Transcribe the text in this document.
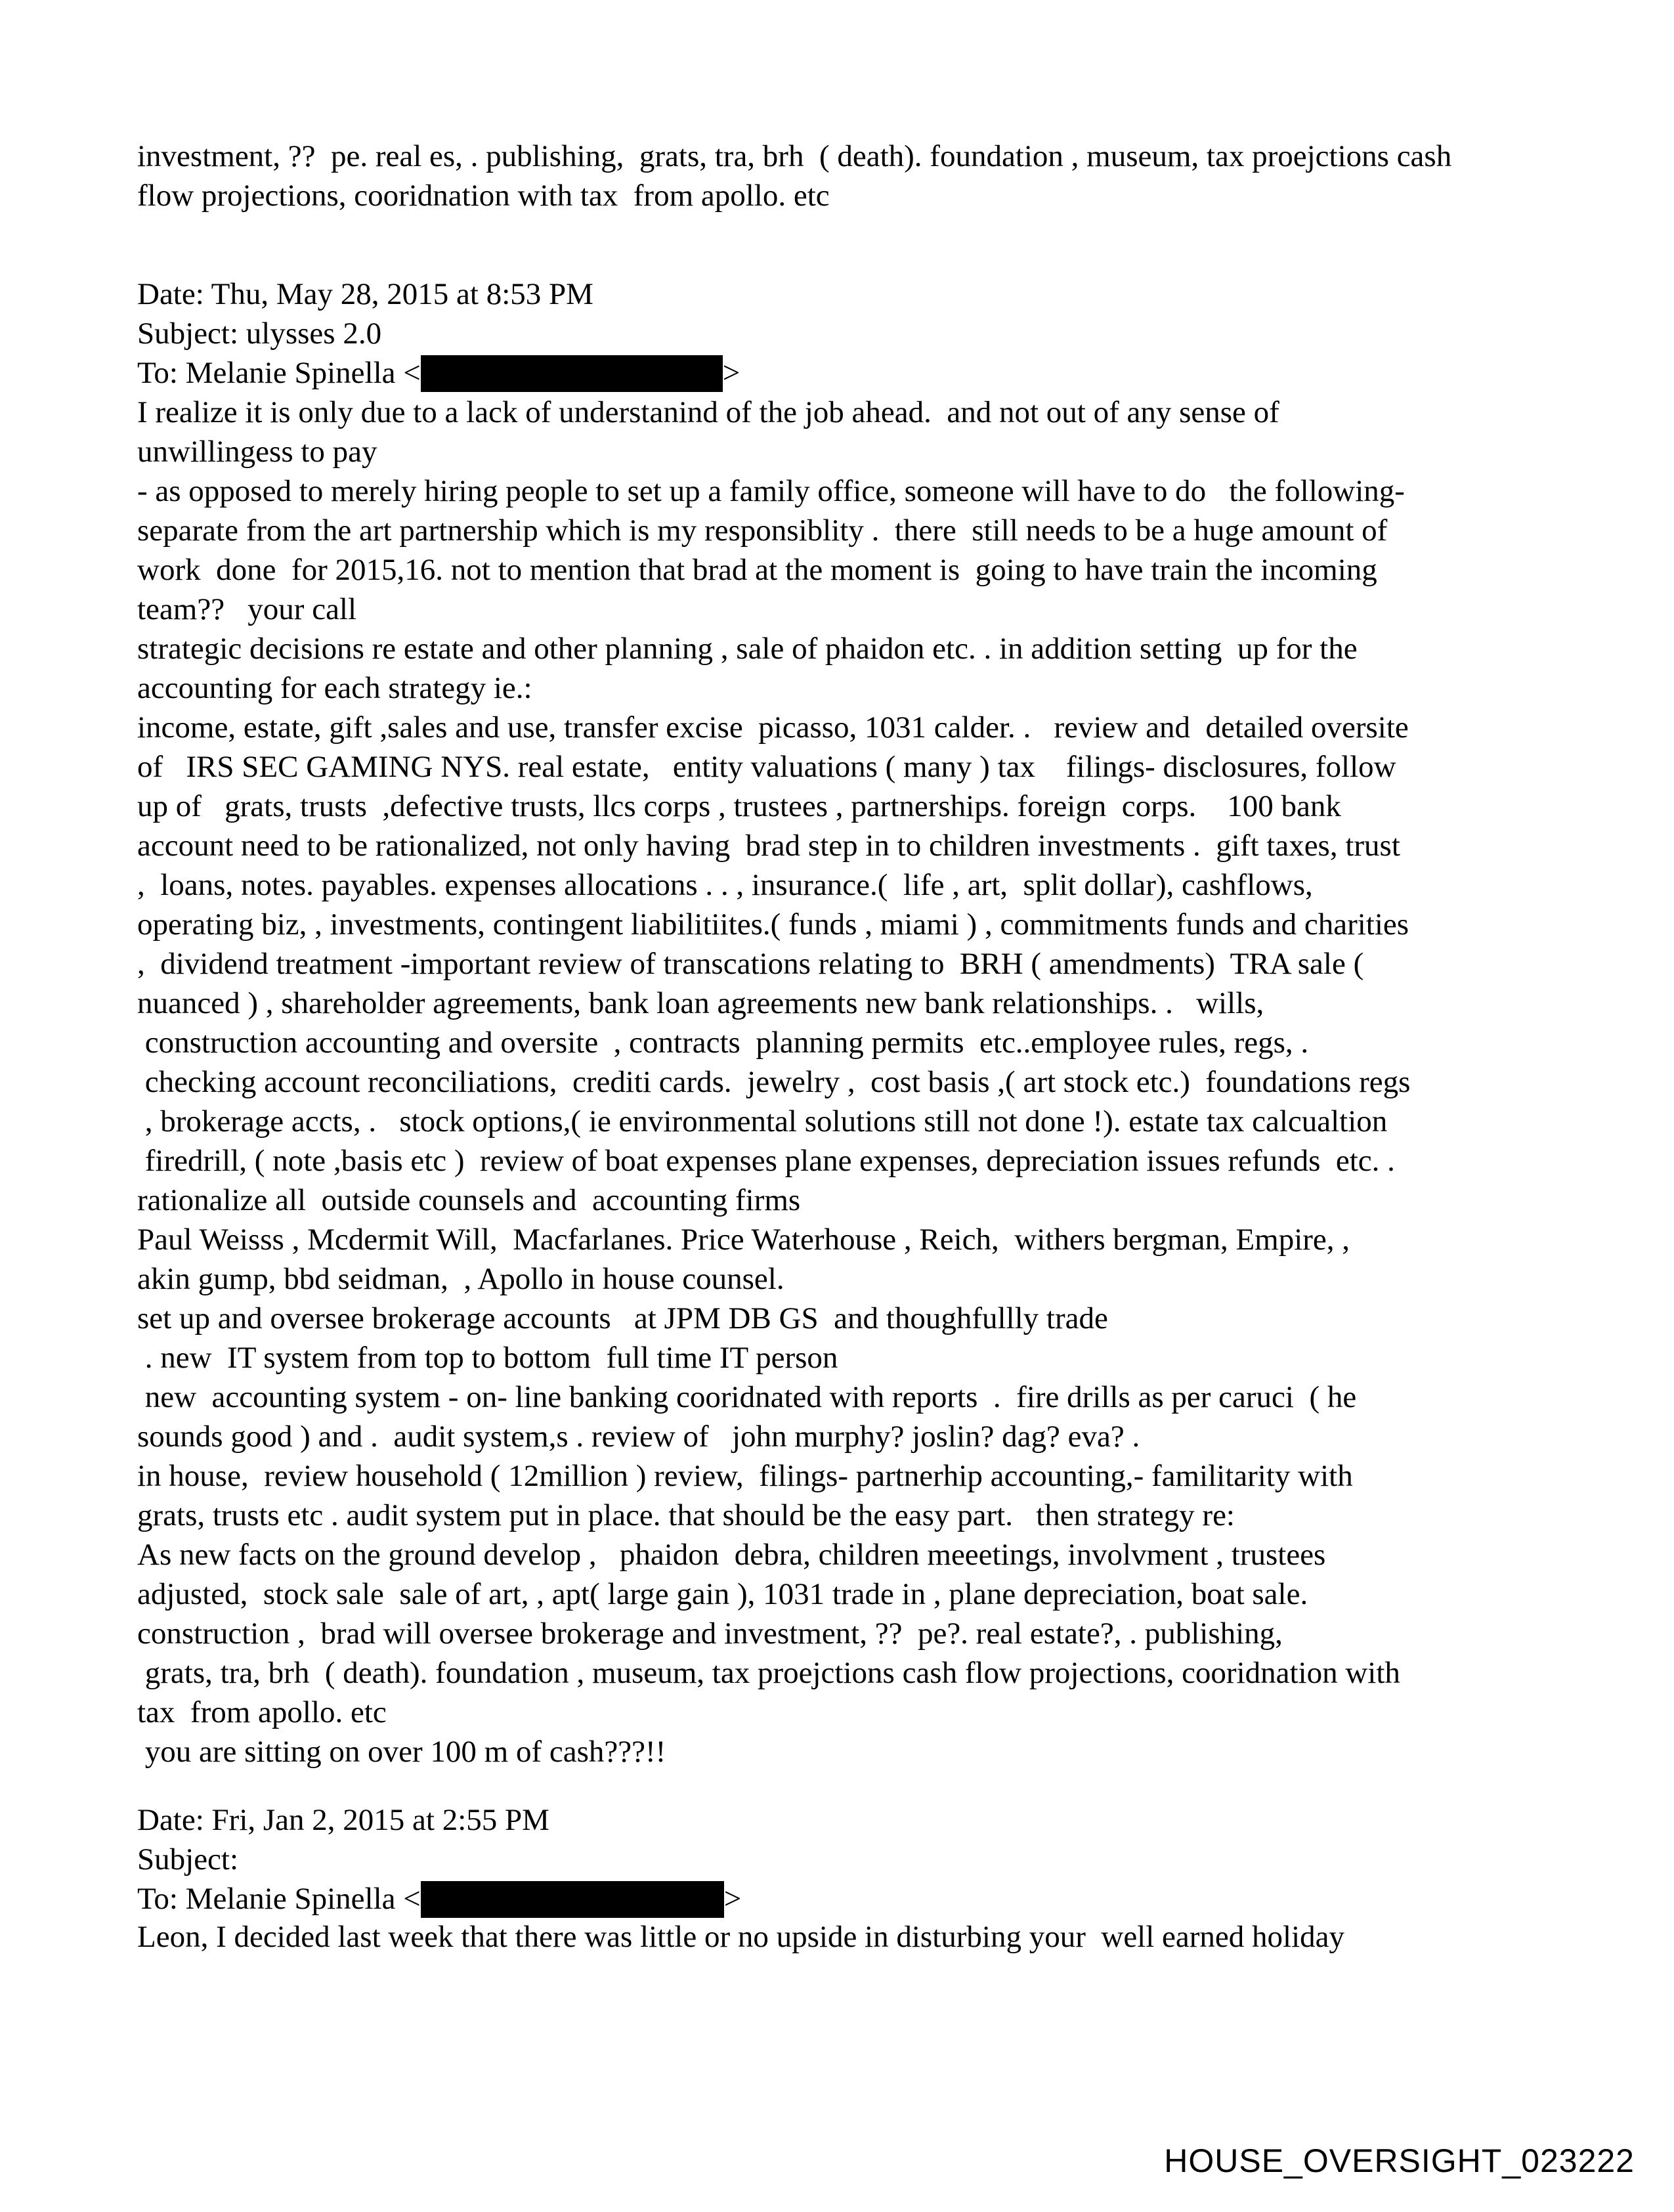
investment, ??  pe. real es, . publishing,  grats, tra, brh  ( death). foundation , museum, tax proejctions cash
flow projections, cooridnation with tax  from apollo. etc
Date: Thu, May 28, 2015 at 8:53 PM
Subject: ulysses 2.0
To: Melanie Spinella <	>
I realize it is only due to a lack of understanind of the job ahead.  and not out of any sense of
unwillingess to pay
- as opposed to merely hiring people to set up a family office, someone will have to do   the following-
separate from the art partnership which is my responsiblity .  there  still needs to be a huge amount of
work  done  for 2015,16. not to mention that brad at the moment is  going to have train the incoming
team??   your call
strategic decisions re estate and other planning , sale of phaidon etc. . in addition setting  up for the
accounting for each strategy ie.:
income, estate, gift ,sales and use, transfer excise  picasso, 1031 calder. .   review and  detailed oversite
of   IRS SEC GAMING NYS. real estate,   entity valuations ( many ) tax    filings- disclosures, follow
up of   grats, trusts  ,defective trusts, llcs corps , trustees , partnerships. foreign  corps.    100 bank
account need to be rationalized, not only having  brad step in to children investments .  gift taxes, trust
,  loans, notes. payables. expenses allocations . . , insurance.(  life , art,  split dollar), cashflows,
operating biz, , investments, contingent liabilitiites.( funds , miami ) , commitments funds and charities
,  dividend treatment -important review of transcations relating to  BRH ( amendments)  TRA sale (
nuanced ) , shareholder agreements, bank loan agreements new bank relationships. .   wills,
construction accounting and oversite  , contracts  planning permits  etc..employee rules, regs, .
checking account reconciliations,  crediti cards.  jewelry ,  cost basis ,( art stock etc.)  foundations regs
, brokerage accts, .   stock options,( ie environmental solutions still not done !). estate tax calcualtion
firedrill, ( note ,basis etc )  review of boat expenses plane expenses, depreciation issues refunds  etc. .
rationalize all  outside counsels and  accounting firms
Paul Weisss , Mcdermit Will,  Macfarlanes. Price Waterhouse , Reich,  withers bergman, Empire, ,
akin gump, bbd seidman,  , Apollo in house counsel.
set up and oversee brokerage accounts   at JPM DB GS  and thoughfullly trade
. new  IT system from top to bottom  full time IT person
new  accounting system - on- line banking cooridnated with reports  .  fire drills as per caruci  ( he
sounds good ) and .  audit system,s . review of   john murphy? joslin? dag? eva? .
in house,  review household ( 12million ) review,  filings- partnerhip accounting,- familitarity with
grats, trusts etc . audit system put in place. that should be the easy part.   then strategy re:
As new facts on the ground develop ,   phaidon  debra, children meeetings, involvment , trustees
adjusted,  stock sale  sale of art, , apt( large gain ), 1031 trade in , plane depreciation, boat sale.
construction ,  brad will oversee brokerage and investment, ??  pe?. real estate?, . publishing,
grats, tra, brh  ( death). foundation , museum, tax proejctions cash flow projections, cooridnation with
tax  from apollo. etc
you are sitting on over 100 m of cash???!!
Date: Fri, Jan 2, 2015 at 2:55 PM
Subject:
To: Melanie Spinella <	>
Leon, I decided last week that there was little or no upside in disturbing your  well earned holiday
HOUSE_OVERSIGHT_023222
